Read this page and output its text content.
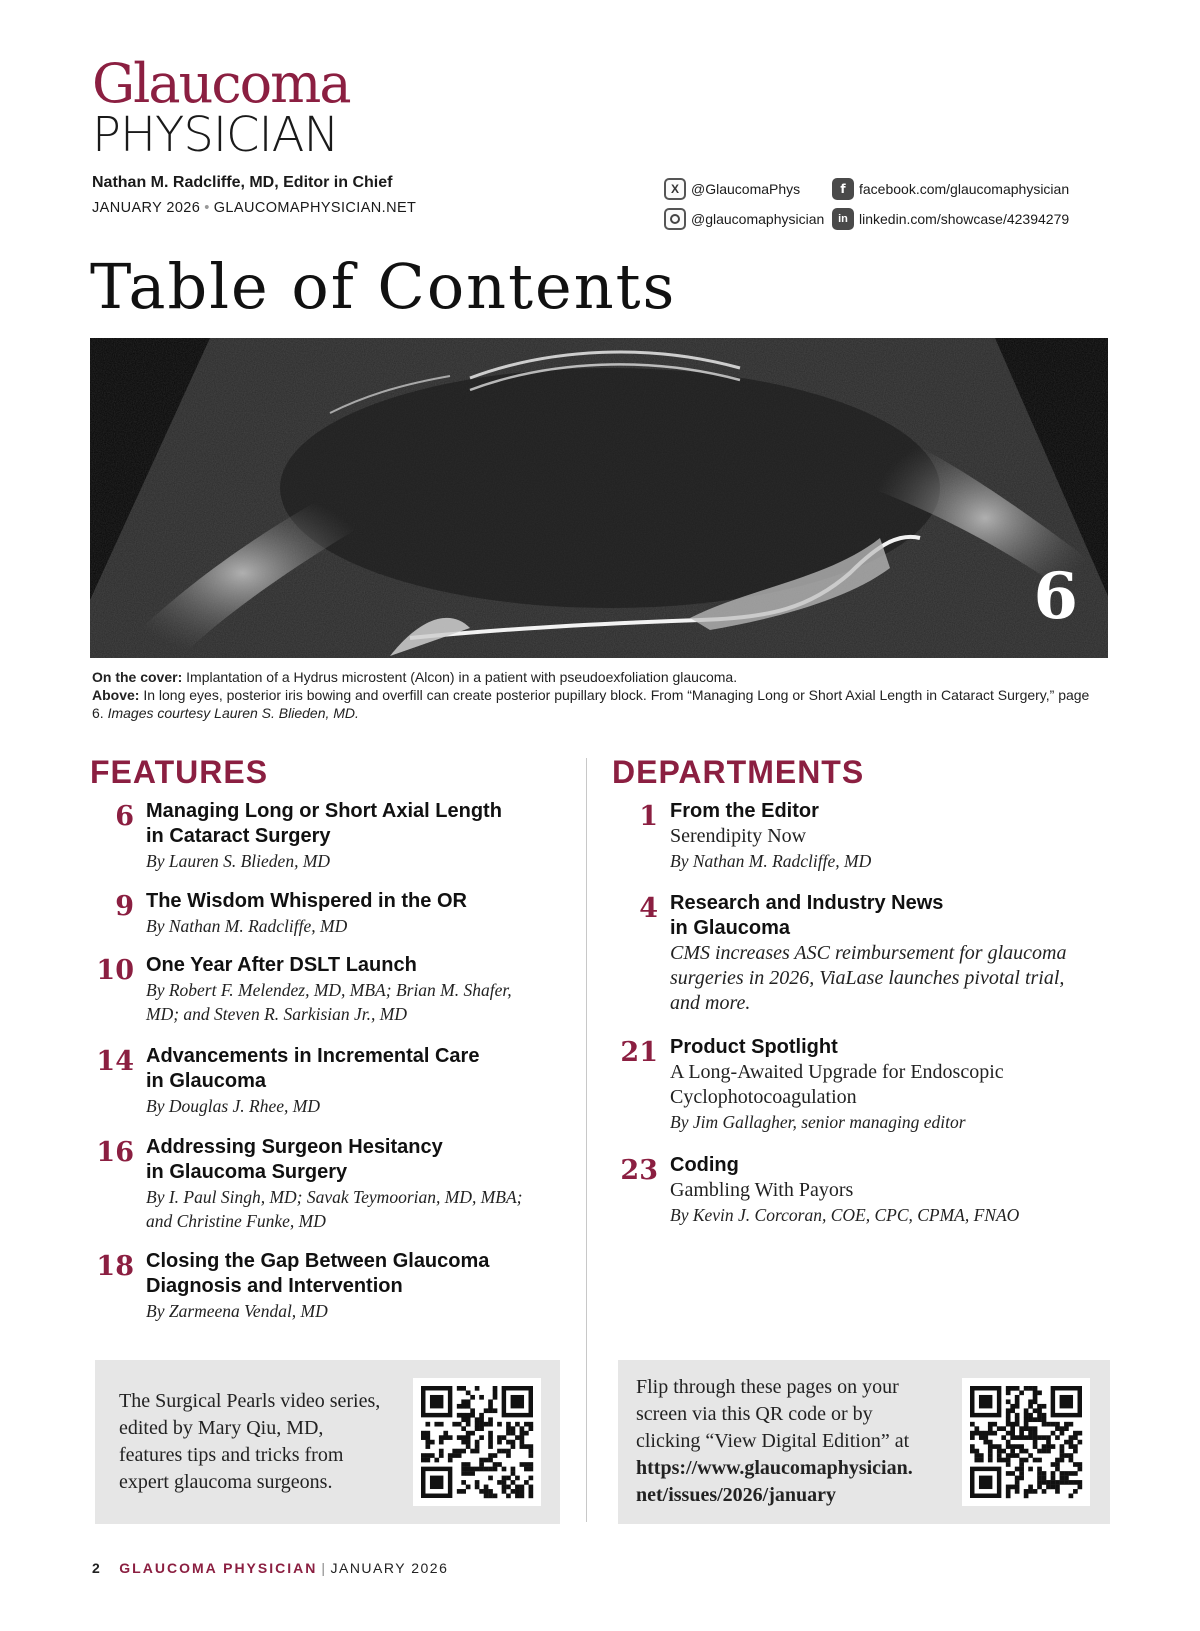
Glaucoma
PHYSICIAN
Nathan M. Radcliffe, MD, Editor in Chief
JANUARY 2026 • GLAUCOMAPHYSICIAN.NET
X @GlaucomaPhys
@glaucomaphysician
f facebook.com/glaucomaphysician
in linkedin.com/showcase/42394279
Table of Contents
6
On the cover: Implantation of a Hydrus microstent (Alcon) in a patient with pseudoexfoliation glaucoma.
Above: In long eyes, posterior iris bowing and overfill can create posterior pupillary block. From “Managing Long or Short Axial Length in Cataract Surgery,” page 6. Images courtesy Lauren S. Blieden, MD.
FEATURES	DEPARTMENTS
6 Managing Long or Short Axial Length
in Cataract Surgery
By Lauren S. Blieden, MD
9 The Wisdom Whispered in the OR
By Nathan M. Radcliffe, MD
10 One Year After DSLT Launch
By Robert F. Melendez, MD, MBA; Brian M. Shafer,
MD; and Steven R. Sarkisian Jr., MD
14 Advancements in Incremental Care
in Glaucoma
By Douglas J. Rhee, MD
16 Addressing Surgeon Hesitancy
in Glaucoma Surgery
By I. Paul Singh, MD; Savak Teymoorian, MD, MBA;
and Christine Funke, MD
18 Closing the Gap Between Glaucoma
Diagnosis and Intervention
By Zarmeena Vendal, MD
1 From the Editor
Serendipity Now
By Nathan M. Radcliffe, MD
4 Research and Industry News
in Glaucoma
CMS increases ASC reimbursement for glaucoma
surgeries in 2026, ViaLase launches pivotal trial,
and more.
21 Product Spotlight
A Long-Awaited Upgrade for Endoscopic
Cyclophotocoagulation
By Jim Gallagher, senior managing editor
23 Coding
Gambling With Payors
By Kevin J. Corcoran, COE, CPC, CPMA, FNAO
The Surgical Pearls video series,
edited by Mary Qiu, MD,
features tips and tricks from
expert glaucoma surgeons.
Flip through these pages on your
screen via this QR code or by
clicking “View Digital Edition” at
https://www.glaucomaphysician.
net/issues/2026/january
2 GLAUCOMA PHYSICIAN | JANUARY 2026
